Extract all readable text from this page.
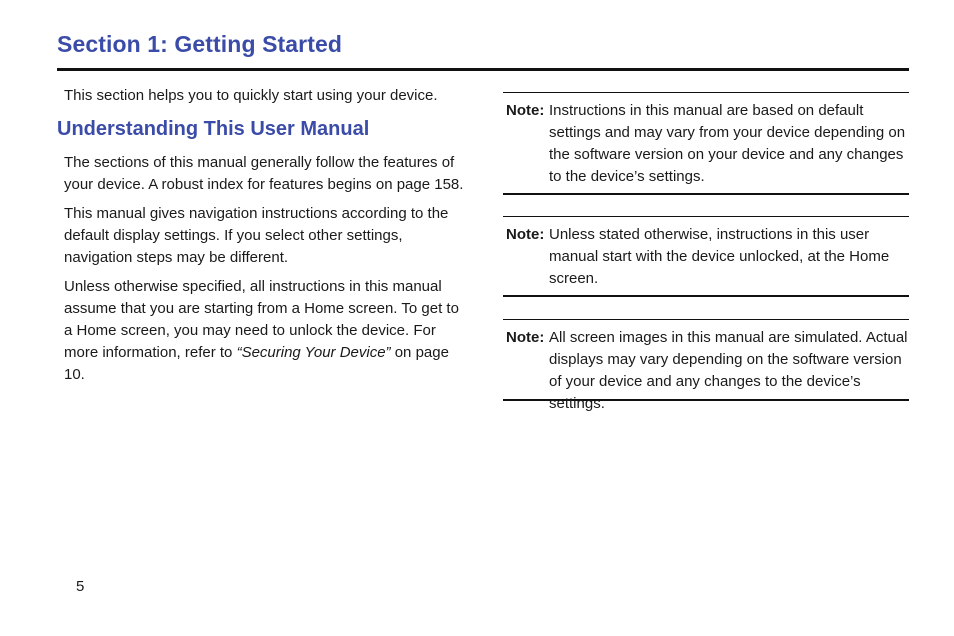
Section 1: Getting Started

This section helps you to quickly start using your device.

Understanding This User Manual

The sections of this manual generally follow the features of your device. A robust index for features begins on page 158.

This manual gives navigation instructions according to the default display settings. If you select other settings, navigation steps may be different.

Unless otherwise specified, all instructions in this manual assume that you are starting from a Home screen. To get to a Home screen, you may need to unlock the device. For more information, refer to “Securing Your Device” on page 10.

Note: Instructions in this manual are based on default settings and may vary from your device depending on the software version on your device and any changes to the device’s settings.
Note: Unless stated otherwise, instructions in this user manual start with the device unlocked, at the Home screen.
Note: All screen images in this manual are simulated. Actual displays may vary depending on the software version of your device and any changes to the device’s settings.

5
